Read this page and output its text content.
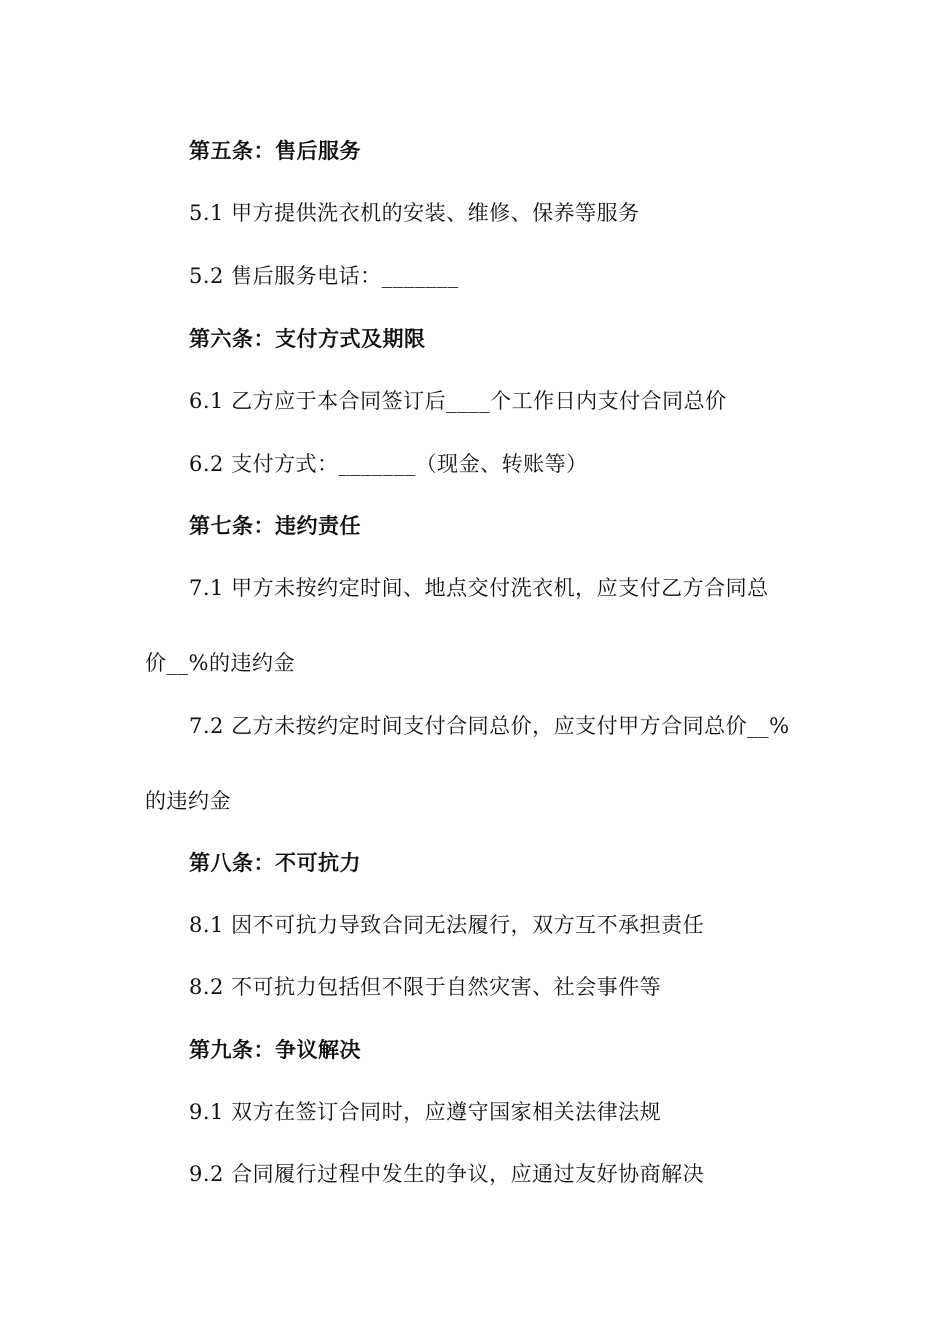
第五条：售后服务
5.1 甲方提供洗衣机的安装、维修、保养等服务
5.2 售后服务电话：_______
第六条：支付方式及期限
6.1 乙方应于本合同签订后____个工作日内支付合同总价
6.2 支付方式：_______（现金、转账等）
第七条：违约责任
7.1 甲方未按约定时间、地点交付洗衣机，应支付乙方合同总
价__%的违约金
7.2 乙方未按约定时间支付合同总价，应支付甲方合同总价__%
的违约金
第八条：不可抗力
8.1 因不可抗力导致合同无法履行，双方互不承担责任
8.2 不可抗力包括但不限于自然灾害、社会事件等
第九条：争议解决
9.1 双方在签订合同时，应遵守国家相关法律法规
9.2 合同履行过程中发生的争议，应通过友好协商解决
